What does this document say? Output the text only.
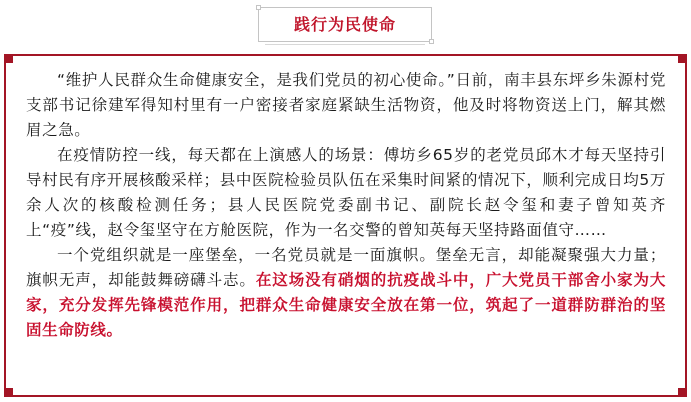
践行为民使命

“维护人民群众生命健康安全，是我们党员的初心使命。”日前，南丰县东坪乡朱源村党支部书记徐建军得知村里有一户密接者家庭紧缺生活物资，他及时将物资送上门，解其燃眉之急。

在疫情防控一线，每天都在上演感人的场景：傅坊乡65岁的老党员邱木才每天坚持引导村民有序开展核酸采样；县中医院检验员队伍在采集时间紧的情况下，顺利完成日均5万余人次的核酸检测任务；县人民医院党委副书记、副院长赵令玺和妻子曾知英齐上“疫”线，赵令玺坚守在方舱医院，作为一名交警的曾知英每天坚持路面值守……

一个党组织就是一座堡垒，一名党员就是一面旗帜。堡垒无言，却能凝聚强大力量；旗帜无声，却能鼓舞磅礴斗志。在这场没有硝烟的抗疫战斗中，广大党员干部舍小家为大家，充分发挥先锋模范作用，把群众生命健康安全放在第一位，筑起了一道群防群治的坚固生命防线。
